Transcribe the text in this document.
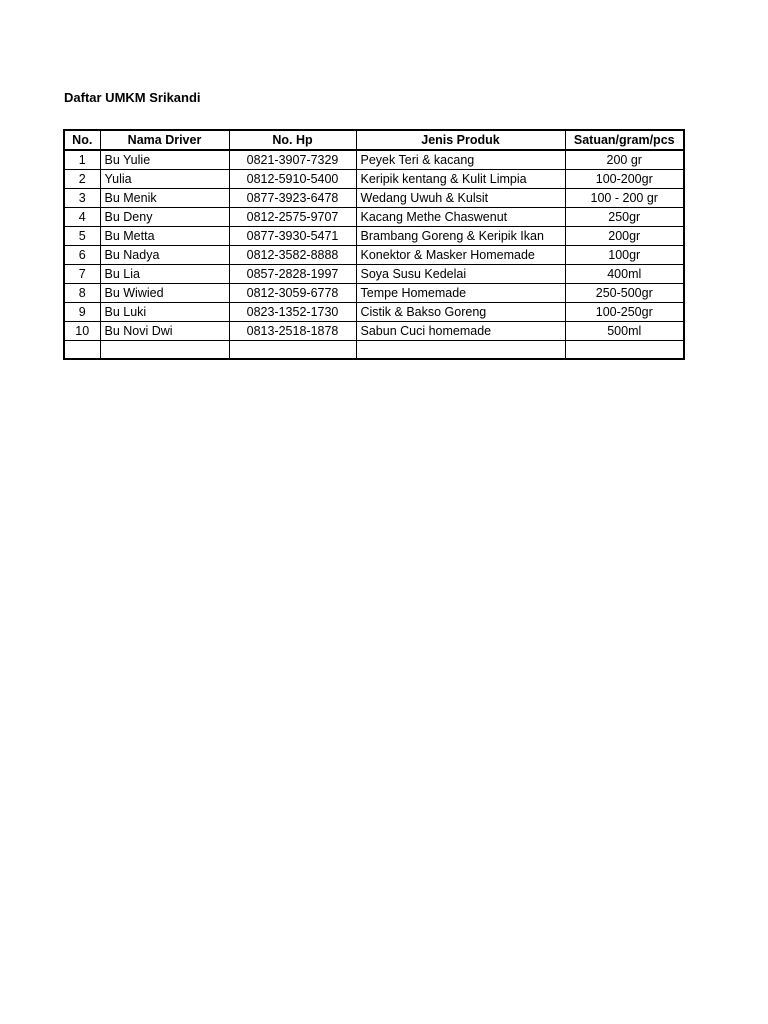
Daftar UMKM Srikandi
No.	Nama Driver	No. Hp	Jenis Produk	Satuan/gram/pcs
1	Bu Yulie	0821-3907-7329	Peyek Teri & kacang	200 gr
2	Yulia	0812-5910-5400	Keripik kentang & Kulit Limpia	100-200gr
3	Bu Menik	0877-3923-6478	Wedang Uwuh & Kulsit	100 - 200 gr
4	Bu Deny	0812-2575-9707	Kacang Methe Chaswenut	250gr
5	Bu Metta	0877-3930-5471	Brambang Goreng & Keripik Ikan	200gr
6	Bu Nadya	0812-3582-8888	Konektor & Masker Homemade	100gr
7	Bu Lia	0857-2828-1997	Soya Susu Kedelai	400ml
8	Bu Wiwied	0812-3059-6778	Tempe Homemade	250-500gr
9	Bu Luki	0823-1352-1730	Cistik & Bakso Goreng	100-250gr
10	Bu Novi Dwi	0813-2518-1878	Sabun Cuci homemade	500ml
